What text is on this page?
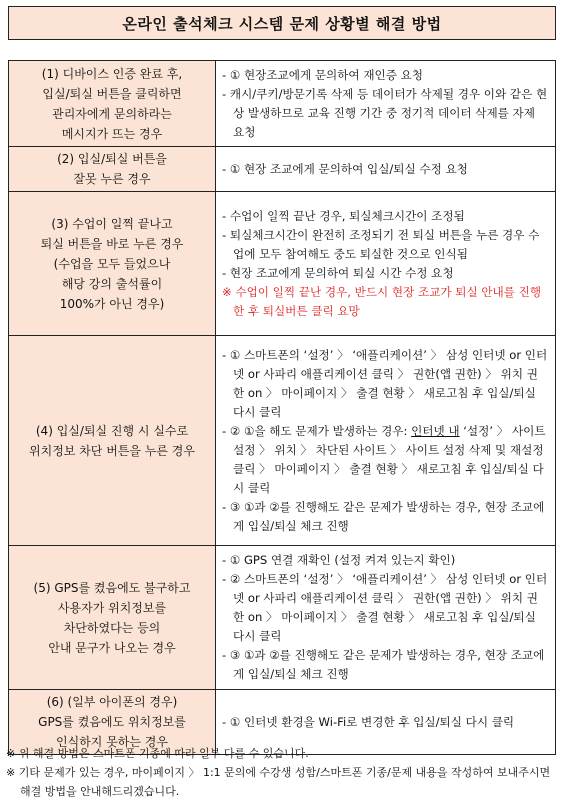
온라인 출석체크 시스템 문제 상황별 해결 방법
(1) 디바이스 인증 완료 후,
입실/퇴실 버튼을 클릭하면
관리자에게 문의하라는
메시지가 뜨는 경우	- ① 현장조교에게 문의하여 재인증 요청
- 캐시/쿠키/방문기록 삭제 등 데이터가 삭제될 경우 이와 같은 현상 발생하므로 교육 진행 기간 중 정기적 데이터 삭제를 자제 요청

(2) 입실/퇴실 버튼을
잘못 누른 경우	- ① 현장 조교에게 문의하여 입실/퇴실 수정 요청

(3) 수업이 일찍 끝나고
퇴실 버튼을 바로 누른 경우
(수업을 모두 들었으나
해당 강의 출석률이
100%가 아닌 경우)	- 수업이 일찍 끝난 경우, 퇴실체크시간이 조정됨
- 퇴실체크시간이 완전히 조정되기 전 퇴실 버튼을 누른 경우 수업에 모두 참여해도 중도 퇴실한 것으로 인식됨
- 현장 조교에게 문의하여 퇴실 시간 수정 요청
※ 수업이 일찍 끝난 경우, 반드시 현장 조교가 퇴실 안내를 진행한 후 퇴실버튼 클릭 요망

(4) 입실/퇴실 진행 시 실수로
위치정보 차단 버튼을 누른 경우	- ① 스마트폰의 ‘설정’ 〉 ‘애플리케이션’ 〉 삼성 인터넷 or 인터넷 or 사파리 애플리케이션 클릭 〉 권한(앱 권한) 〉 위치 권한 on 〉 마이페이지 〉 출결 현황 〉 새로고침 후 입실/퇴실 다시 클릭
- ② ①을 해도 문제가 발생하는 경우: 인터넷 내 ‘설정’ 〉 사이트설정 〉 위치 〉 차단된 사이트 〉 사이트 설정 삭제 및 재설정 클릭 〉 마이페이지 〉 출결 현황 〉 새로고침 후 입실/퇴실 다시 클릭
- ③ ①과 ②를 진행해도 같은 문제가 발생하는 경우, 현장 조교에게 입실/퇴실 체크 진행

(5) GPS를 켰음에도 불구하고
사용자가 위치정보를
차단하였다는 등의
안내 문구가 나오는 경우	- ① GPS 연결 재확인 (설정 켜져 있는지 확인)
- ② 스마트폰의 ‘설정’ 〉 ‘애플리케이션’ 〉 삼성 인터넷 or 인터넷 or 사파리 애플리케이션 클릭 〉 권한(앱 권한) 〉 위치 권한 on 〉 마이페이지 〉 출결 현황 〉 새로고침 후 입실/퇴실 다시 클릭
- ③ ①과 ②를 진행해도 같은 문제가 발생하는 경우, 현장 조교에게 입실/퇴실 체크 진행

(6) (일부 아이폰의 경우)
GPS를 켰음에도 위치정보를
인식하지 못하는 경우	- ① 인터넷 환경을 Wi-Fi로 변경한 후 입실/퇴실 다시 클릭
※ 위 해결 방법은 스마트폰 기종에 따라 일부 다를 수 있습니다.
※ 기타 문제가 있는 경우, 마이페이지 〉 1:1 문의에 수강생 성함/스마트폰 기종/문제 내용을 작성하여 보내주시면 해결 방법을 안내해드리겠습니다.
